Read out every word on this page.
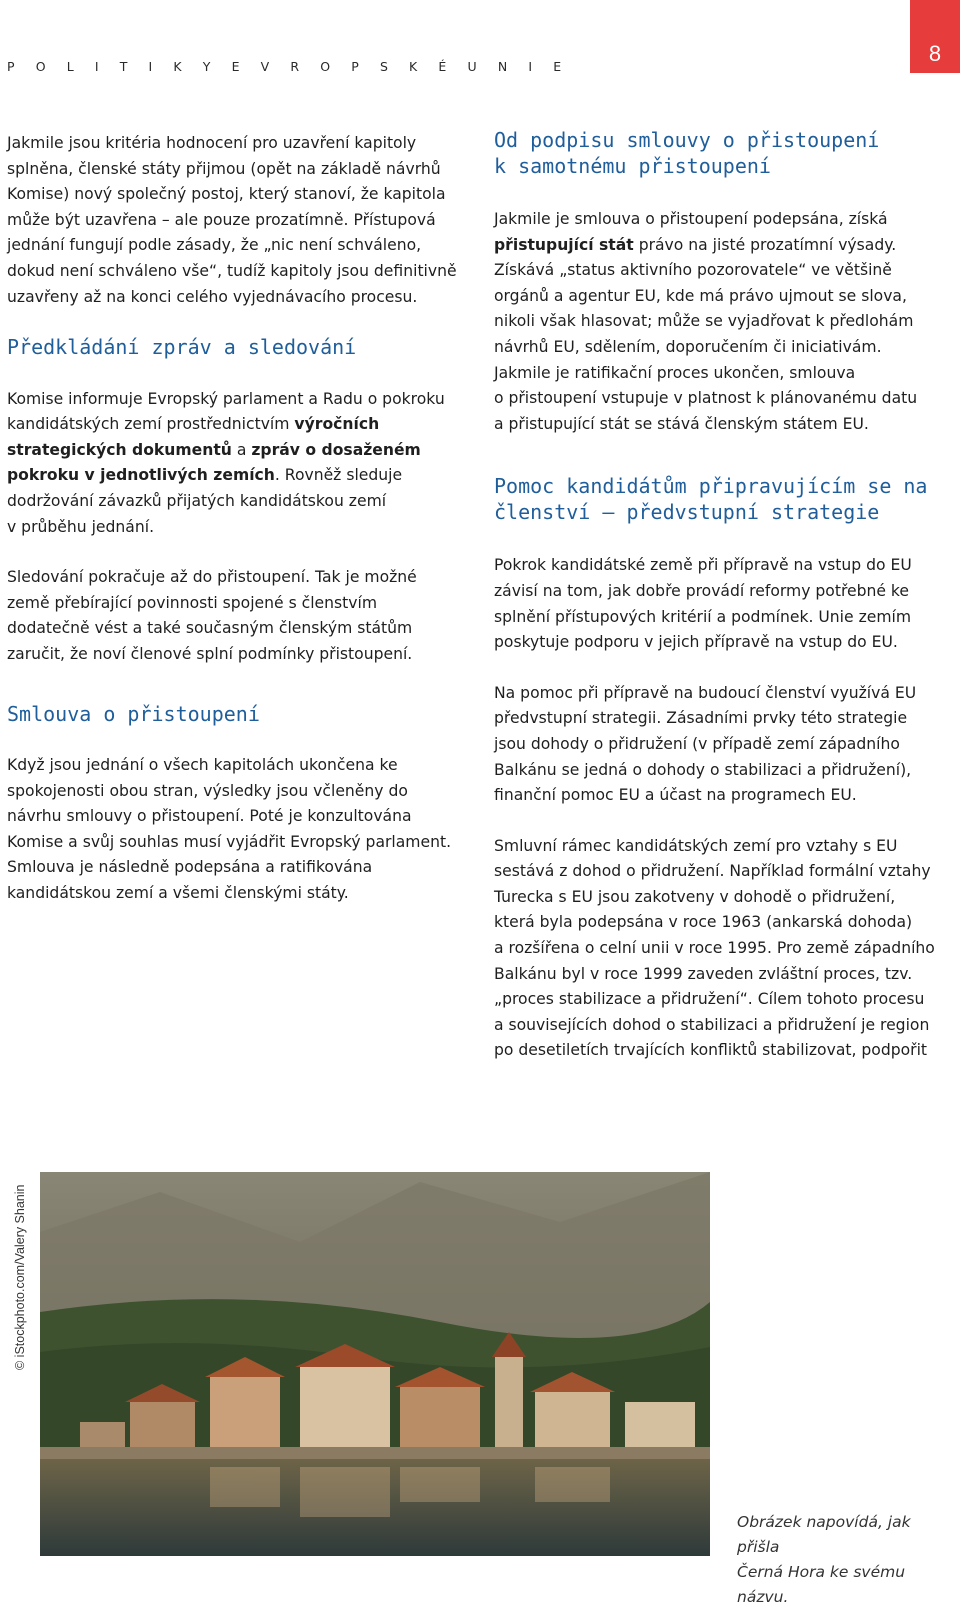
P O L I T I K Y E V R O P S K É U N I E
8

Jakmile jsou kritéria hodnocení pro uzavření kapitoly
splněna, členské státy přijmou (opět na základě návrhů
Komise) nový společný postoj, který stanoví, že kapitola
může být uzavřena – ale pouze prozatímně. Přístupová
jednání fungují podle zásady, že „nic není schváleno,
dokud není schváleno vše“, tudíž kapitoly jsou definitivně
uzavřeny až na konci celého vyjednávacího procesu.

Předkládání zpráv a sledování

Komise informuje Evropský parlament a Radu o pokroku
kandidátských zemí prostřednictvím výročních
strategických dokumentů a zpráv o dosaženém
pokroku v jednotlivých zemích. Rovněž sleduje
dodržování závazků přijatých kandidátskou zemí
v průběhu jednání.

Sledování pokračuje až do přistoupení. Tak je možné
země přebírající povinnosti spojené s členstvím
dodatečně vést a také současným členským státům
zaručit, že noví členové splní podmínky přistoupení.

Smlouva o přistoupení

Když jsou jednání o všech kapitolách ukončena ke
spokojenosti obou stran, výsledky jsou včleněny do
návrhu smlouvy o přistoupení. Poté je konzultována
Komise a svůj souhlas musí vyjádřit Evropský parlament.
Smlouva je následně podepsána a ratifikována
kandidátskou zemí a všemi členskými státy.

Od podpisu smlouvy o přistoupení
k samotnému přistoupení

Jakmile je smlouva o přistoupení podepsána, získá
přistupující stát právo na jisté prozatímní výsady.
Získává „status aktivního pozorovatele“ ve většině
orgánů a agentur EU, kde má právo ujmout se slova,
nikoli však hlasovat; může se vyjadřovat k předlohám
návrhů EU, sdělením, doporučením či iniciativám.
Jakmile je ratifikační proces ukončen, smlouva
o přistoupení vstupuje v platnost k plánovanému datu
a přistupující stát se stává členským státem EU.

Pomoc kandidátům připravujícím se na
členství – předvstupní strategie

Pokrok kandidátské země při přípravě na vstup do EU
závisí na tom, jak dobře provádí reformy potřebné ke
splnění přístupových kritérií a podmínek. Unie zemím
poskytuje podporu v jejich přípravě na vstup do EU.

Na pomoc při přípravě na budoucí členství využívá EU
předvstupní strategii. Zásadními prvky této strategie
jsou dohody o přidružení (v případě zemí západního
Balkánu se jedná o dohody o stabilizaci a přidružení),
finanční pomoc EU a účast na programech EU.

Smluvní rámec kandidátských zemí pro vztahy s EU
sestává z dohod o přidružení. Například formální vztahy
Turecka s EU jsou zakotveny v dohodě o přidružení,
která byla podepsána v roce 1963 (ankarská dohoda)
a rozšířena o celní unii v roce 1995. Pro země západního
Balkánu byl v roce 1999 zaveden zvláštní proces, tzv.
„proces stabilizace a přidružení“. Cílem tohoto procesu
a souvisejících dohod o stabilizaci a přidružení je region
po desetiletích trvajících konfliktů stabilizovat, podpořit

© iStockphoto.com/Valery Shanin
Obrázek napovídá, jak přišla
Černá Hora ke svému názvu.
